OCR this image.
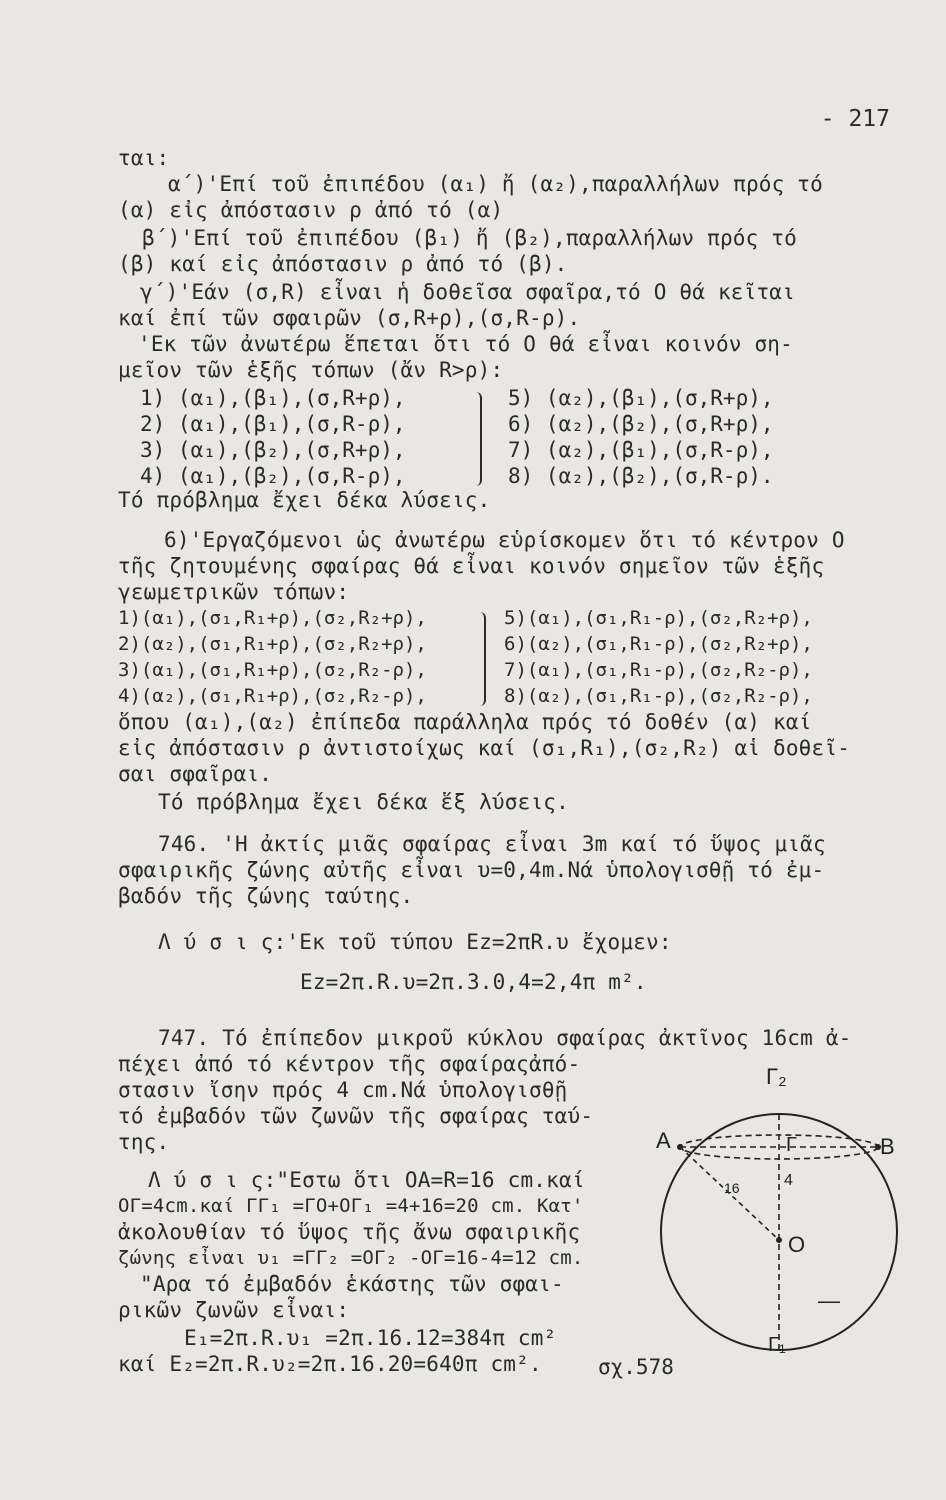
- 217
ται:
α΄)'Επί τοῦ ἐπιπέδου (α₁) ἤ (α₂),παραλλήλων πρός τό
(α) εἰς ἀπόστασιν ρ ἀπό τό (α)
β΄)'Επί τοῦ ἐπιπέδου (β₁) ἤ (β₂),παραλλήλων πρός τό
(β) καί εἰς ἀπόστασιν ρ ἀπό τό (β).
γ΄)'Εάν (σ,R) εἶναι ἡ δοθεῖσα σφαῖρα,τό Ο θά κεῖται
καί ἐπί τῶν σφαιρῶν (σ,R+ρ),(σ,R-ρ).
'Εκ τῶν ἀνωτέρω ἕπεται ὅτι τό Ο θά εἶναι κοινόν ση-
μεῖον τῶν ἑξῆς τόπων (ἄν R>ρ):
1) (α₁),(β₁),(σ,R+ρ),
2) (α₁),(β₁),(σ,R-ρ),
3) (α₁),(β₂),(σ,R+ρ),
4) (α₁),(β₂),(σ,R-ρ),
5) (α₂),(β₁),(σ,R+ρ),
6) (α₂),(β₂),(σ,R+ρ),
7) (α₂),(β₁),(σ,R-ρ),
8) (α₂),(β₂),(σ,R-ρ).
Τό πρόβλημα ἔχει δέκα λύσεις.
6)'Εργαζόμενοι ὡς ἀνωτέρω εὑρίσκομεν ὅτι τό κέντρον Ο
τῆς ζητουμένης σφαίρας θά εἶναι κοινόν σημεῖον τῶν ἑξῆς
γεωμετρικῶν τόπων:
1)(α₁),(σ₁,R₁+ρ),(σ₂,R₂+ρ),
2)(α₂),(σ₁,R₁+ρ),(σ₂,R₂+ρ),
3)(α₁),(σ₁,R₁+ρ),(σ₂,R₂-ρ),
4)(α₂),(σ₁,R₁+ρ),(σ₂,R₂-ρ),
5)(α₁),(σ₁,R₁-ρ),(σ₂,R₂+ρ),
6)(α₂),(σ₁,R₁-ρ),(σ₂,R₂+ρ),
7)(α₁),(σ₁,R₁-ρ),(σ₂,R₂-ρ),
8)(α₂),(σ₁,R₁-ρ),(σ₂,R₂-ρ),
ὅπου (α₁),(α₂) ἐπίπεδα παράλληλα πρός τό δοθέν (α) καί
εἰς ἀπόστασιν ρ ἀντιστοίχως καί (σ₁,R₁),(σ₂,R₂) αἱ δοθεῖ-
σαι σφαῖραι.
Τό πρόβλημα ἔχει δέκα ἕξ λύσεις.
746. 'Η ἀκτίς μιᾶς σφαίρας εἶναι 3m καί τό ὕψος μιᾶς
σφαιρικῆς ζώνης αὐτῆς εἶναι υ=0,4m.Νά ὑπολογισθῇ τό ἐμ-
βαδόν τῆς ζώνης ταύτης.
Λ ύ σ ι ς:'Εκ τοῦ τύπου Ez=2πR.υ ἔχομεν:
Ez=2π.R.υ=2π.3.0,4=2,4π m².
747. Τό ἐπίπεδον μικροῦ κύκλου σφαίρας ἀκτῖνος 16cm ἀ-
πέχει ἀπό τό κέντρον τῆς σφαίραςἀπό-
στασιν ἴσην πρός 4 cm.Νά ὑπολογισθῇ
τό ἐμβαδόν τῶν ζωνῶν τῆς σφαίρας ταύ-
της.
Λ ύ σ ι ς:"Εστω ὅτι ΟΑ=R=16 cm.καί
ΟΓ=4cm.καί ΓΓ₁ =ΓΟ+ΟΓ₁ =4+16=20 cm. Κατ'
ἀκολουθίαν τό ὕψος τῆς ἄνω σφαιρικῆς
ζώνης εἶναι υ₁ =ΓΓ₂ =ΟΓ₂ -ΟΓ=16-4=12 cm.
"Αρα τό ἐμβαδόν ἑκάστης τῶν σφαι-
ρικῶν ζωνῶν εἶναι:
E₁=2π.R.υ₁ =2π.16.12=384π cm²
καί E₂=2π.R.υ₂=2π.16.20=640π cm².
Γ₂
A	B
Γ
Ο
Γ₁
16	4
—
σχ.578
